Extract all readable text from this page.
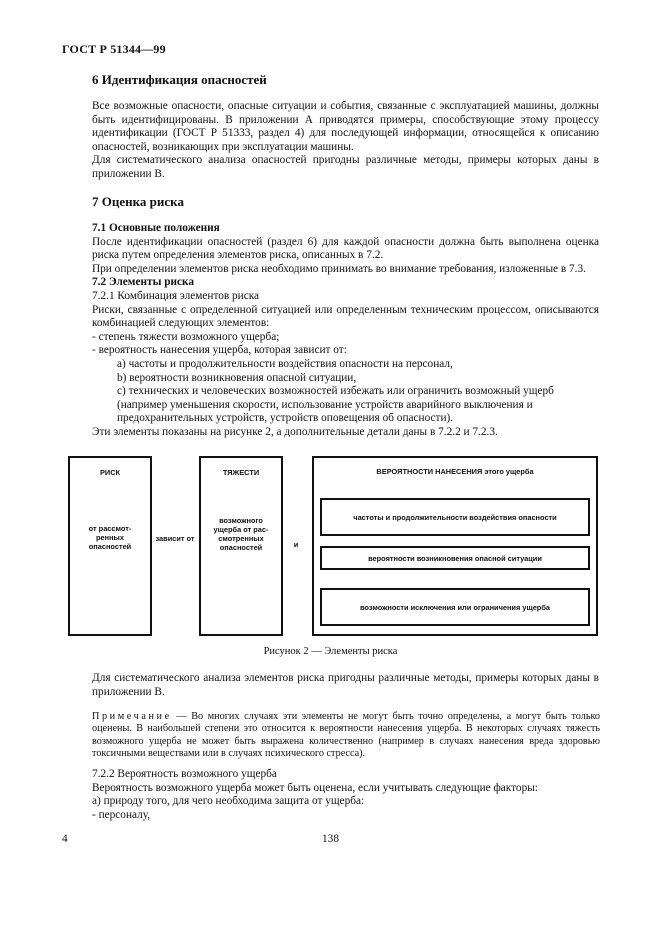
ГОСТ Р 51344—99
6 Идентификация опасностей

Все возможные опасности, опасные ситуации и события, связанные с эксплуатацией машины, должны быть идентифицированы. В приложении А приводятся примеры, способствующие этому процессу идентификации (ГОСТ Р 51333, раздел 4) для последующей информации, относящейся к описанию опасностей, возникающих при эксплуатации машины.

Для систематического анализа опасностей пригодны различные методы, примеры которых даны в приложении В.

7 Оценка риска

7.1 Основные положения

После идентификации опасностей (раздел 6) для каждой опасности должна быть выполнена оценка риска путем определения элементов риска, описанных в 7.2.

При определении элементов риска необходимо принимать во внимание требования, изложенные в 7.3.

7.2 Элементы риска

7.2.1 Комбинация элементов риска

Риски, связанные с определенной ситуацией или определенным техническим процессом, описываются комбинацией следующих элементов:

- степень тяжести возможного ущерба;

- вероятность нанесения ущерба, которая зависит от:

a) частоты и продолжительности воздействия опасности на персонал,

b) вероятности возникновения опасной ситуации,

c) технических и человеческих возможностей избежать или ограничить возможный ущерб

(например уменьшения скорости, использование устройств аварийного выключения и

предохранительных устройств, устройств оповещения об опасности).

Эти элементы показаны на рисунке 2, а дополнительные детали даны в 7.2.2 и 7.2.3.

РИСК
от рассмот-ренных опасностей
зависит от
ТЯЖЕСТИ
возможного ущерба от рас-смотренных опасностей	и
ВЕРОЯТНОСТИ НАНЕСЕНИЯ этого ущерба
частоты и продолжительности воздействия опасности
вероятности возникновения опасной ситуации
возможности исключения или ограничения ущерба
Рисунок 2 — Элементы риска

Для систематического анализа элементов риска пригодны различные методы, примеры которых даны в приложении В.

Примечание — Во многих случаях эти элементы не могут быть точно определены, а могут быть только оценены. В наибольшей степени это относится к вероятности нанесения ущерба. В некоторых случаях тяжесть возможного ущерба не может быть выражена количественно (например в случаях нанесения вреда здоровью токсичными веществами или в случаях психического стресса).

7.2.2 Вероятность возможного ущерба

Вероятность возможного ущерба может быть оценена, если учитывать следующие факторы:

a) природу того, для чего необходима защита от ущерба:

- персоналу,

4	138
